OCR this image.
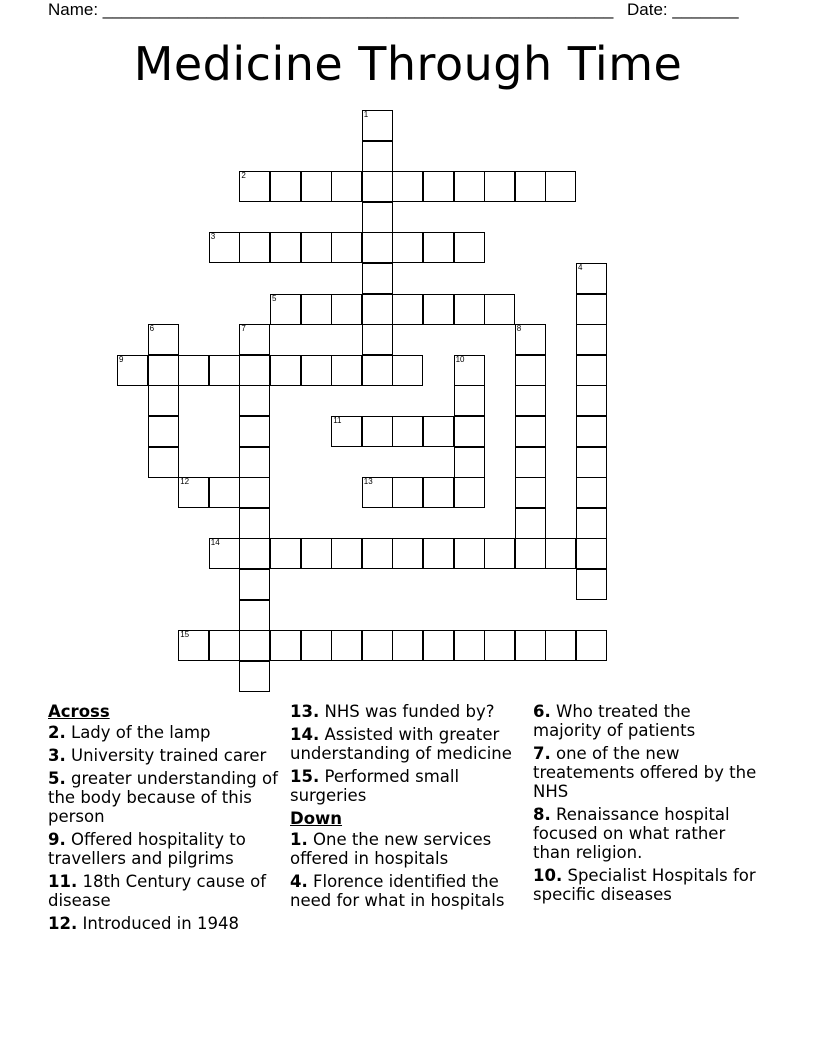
Name: ______________________________________________________ Date: _______
Medicine Through Time
1
2
3
4
5
6	7	8
9	10
11
12	13
14
15
Across
2. Lady of the lamp
3. University trained carer
5. greater understanding of the body because of this person
9. Offered hospitality to travellers and pilgrims
11. 18th Century cause of disease
12. Introduced in 1948
13. NHS was funded by?
14. Assisted with greater understanding of medicine
15. Performed small surgeries
Down
1. One the new services offered in hospitals
4. Florence identified the need for what in hospitals
6. Who treated the majority of patients
7. one of the new treatements offered by the NHS
8. Renaissance hospital focused on what rather than religion.
10. Specialist Hospitals for specific diseases
